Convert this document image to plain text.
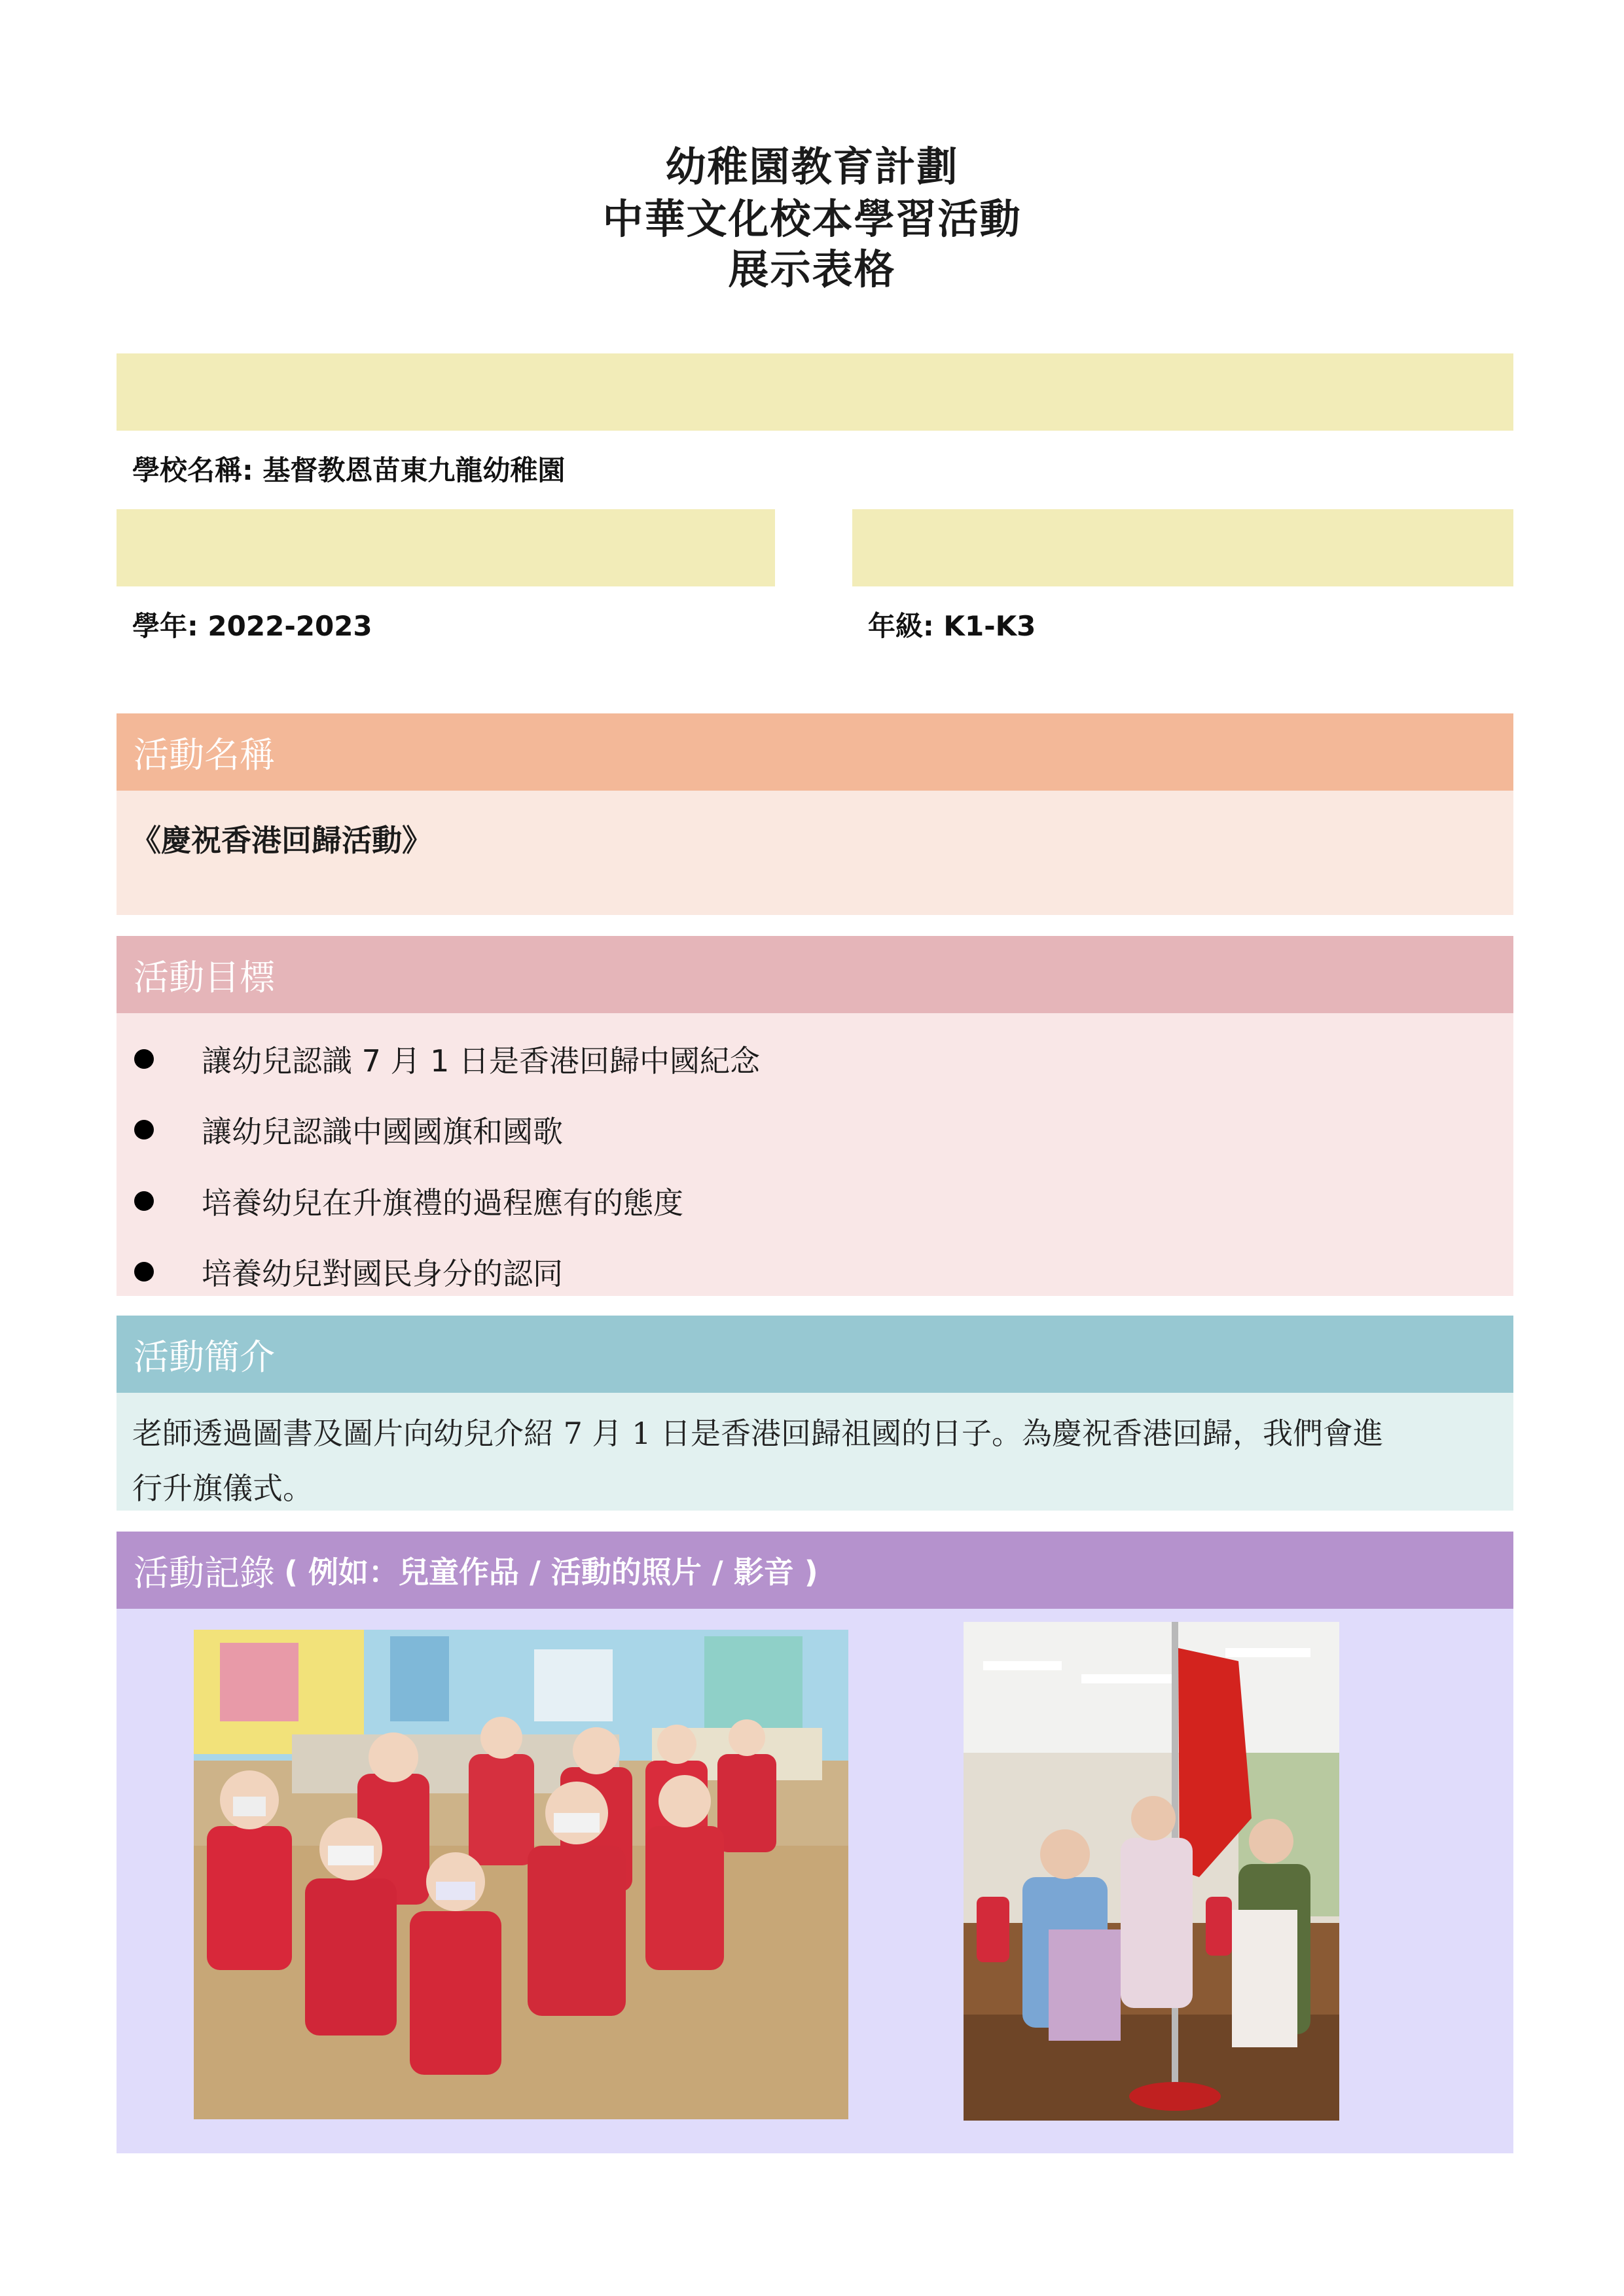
幼稚園教育計劃
中華文化校本學習活動
展示表格
學校名稱: 基督教恩苗東九龍幼稚園
學年: 2022-2023	年級: K1-K3
活動名稱
《慶祝香港回歸活動》
活動目標
讓幼兒認識 7 月 1 日是香港回歸中國紀念
讓幼兒認識中國國旗和國歌
培養幼兒在升旗禮的過程應有的態度
培養幼兒對國民身分的認同
活動簡介
老師透過圖書及圖片向幼兒介紹 7 月 1 日是香港回歸祖國的日子。為慶祝香港回歸，我們會進
行升旗儀式。
活動記錄 ( 例如：兒童作品 / 活動的照片 / 影音 )
